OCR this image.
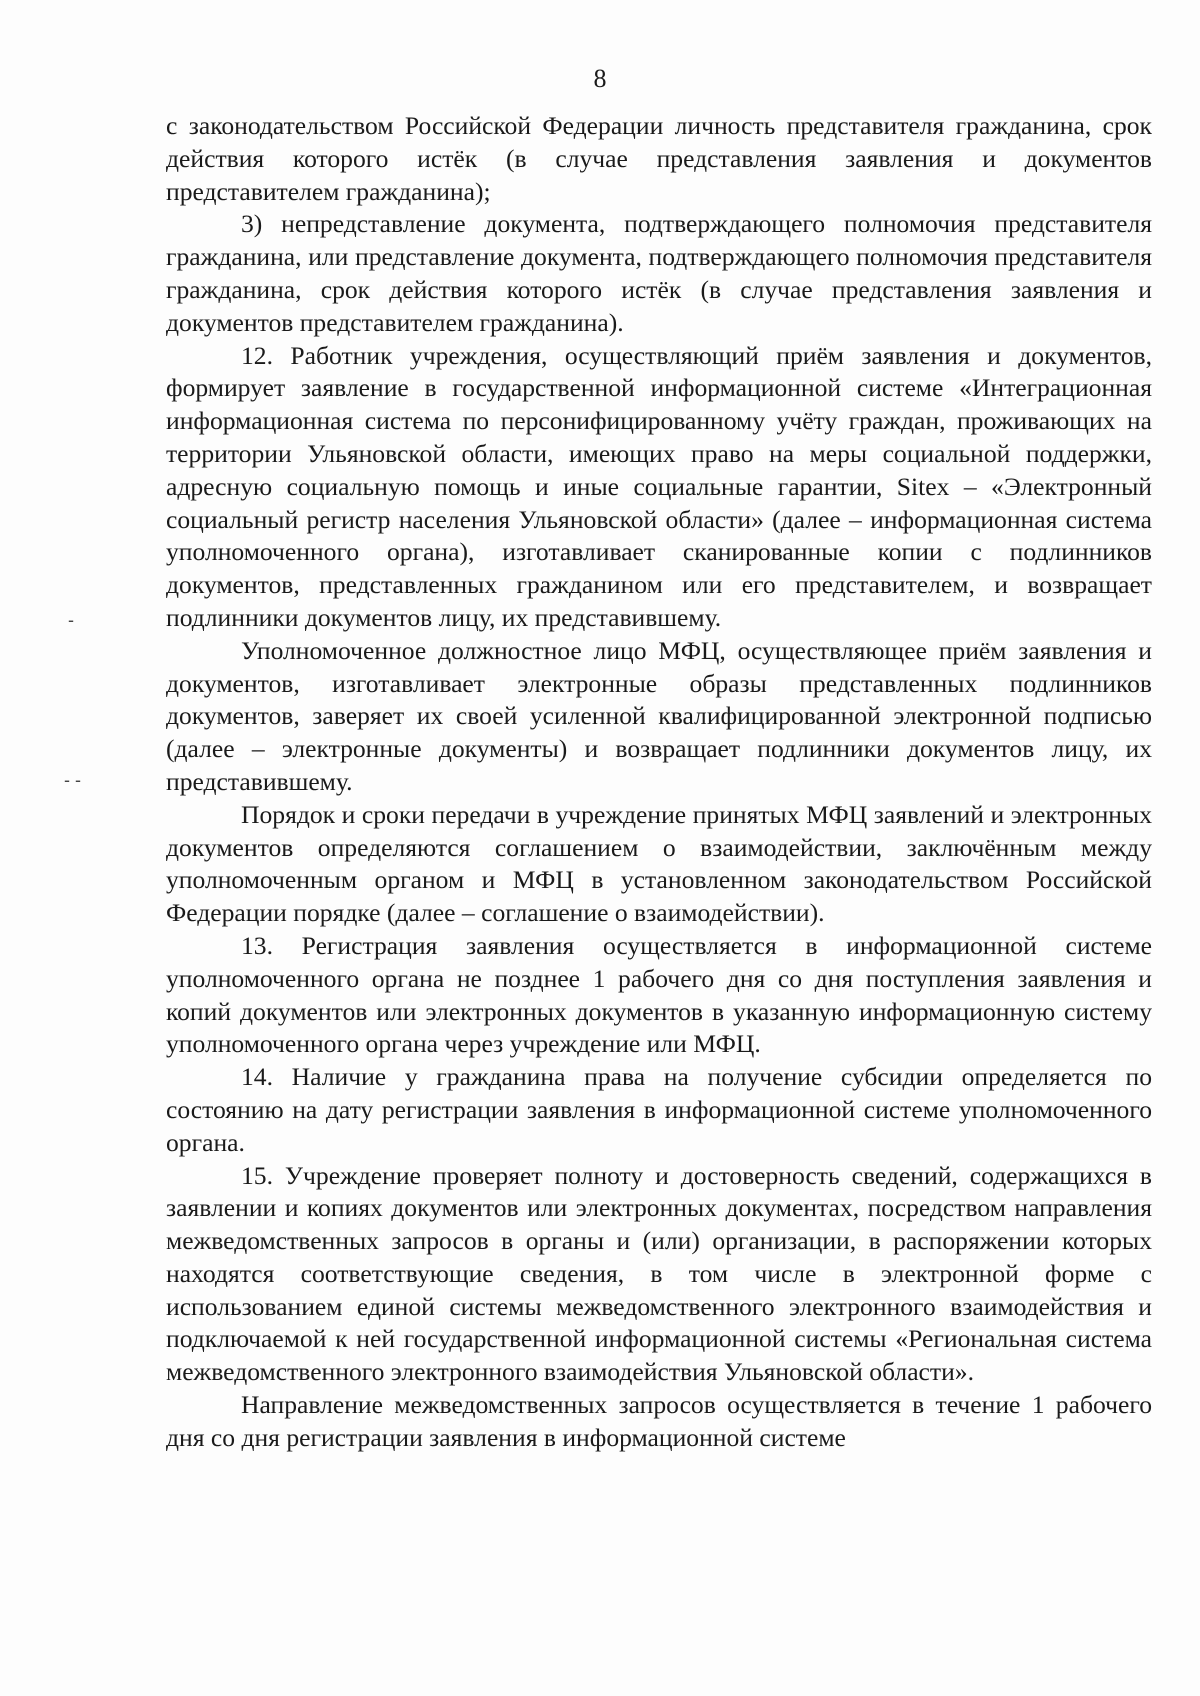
8
-
- -

с законодательством Российской Федерации личность представителя гражданина, срок действия которого истёк (в случае представления заявления и документов представителем гражданина);

3) непредставление документа, подтверждающего полномочия представителя гражданина, или представление документа, подтверждающего полномочия представителя гражданина, срок действия которого истёк (в случае представления заявления и документов представителем гражданина).

12. Работник учреждения, осуществляющий приём заявления и документов, формирует заявление в государственной информационной системе «Интеграционная информационная система по персонифицированному учёту граждан, проживающих на территории Ульяновской области, имеющих право на меры социальной поддержки, адресную социальную помощь и иные социальные гарантии, Sitex – «Электронный социальный регистр населения Ульяновской области» (далее – информационная система уполномоченного органа), изготавливает сканированные копии с подлинников документов, представленных гражданином или его представителем, и возвращает подлинники документов лицу, их представившему.

Уполномоченное должностное лицо МФЦ, осуществляющее приём заявления и документов, изготавливает электронные образы представленных подлинников документов, заверяет их своей усиленной квалифицированной электронной подписью (далее – электронные документы) и возвращает подлинники документов лицу, их представившему.

Порядок и сроки передачи в учреждение принятых МФЦ заявлений и электронных документов определяются соглашением о взаимодействии, заключённым между уполномоченным органом и МФЦ в установленном законодательством Российской Федерации порядке (далее – соглашение о взаимодействии).

13. Регистрация заявления осуществляется в информационной системе уполномоченного органа не позднее 1 рабочего дня со дня поступления заявления и копий документов или электронных документов в указанную информационную систему уполномоченного органа через учреждение или МФЦ.

14. Наличие у гражданина права на получение субсидии определяется по состоянию на дату регистрации заявления в информационной системе уполномоченного органа.

15. Учреждение проверяет полноту и достоверность сведений, содержащихся в заявлении и копиях документов или электронных документах, посредством направления межведомственных запросов в органы и (или) организации, в распоряжении которых находятся соответствующие сведения, в том числе в электронной форме с использованием единой системы межведомственного электронного взаимодействия и подключаемой к ней государственной информационной системы «Региональная система межведомственного электронного взаимодействия Ульяновской области».

Направление межведомственных запросов осуществляется в течение 1 рабочего дня со дня регистрации заявления в информационной системе
